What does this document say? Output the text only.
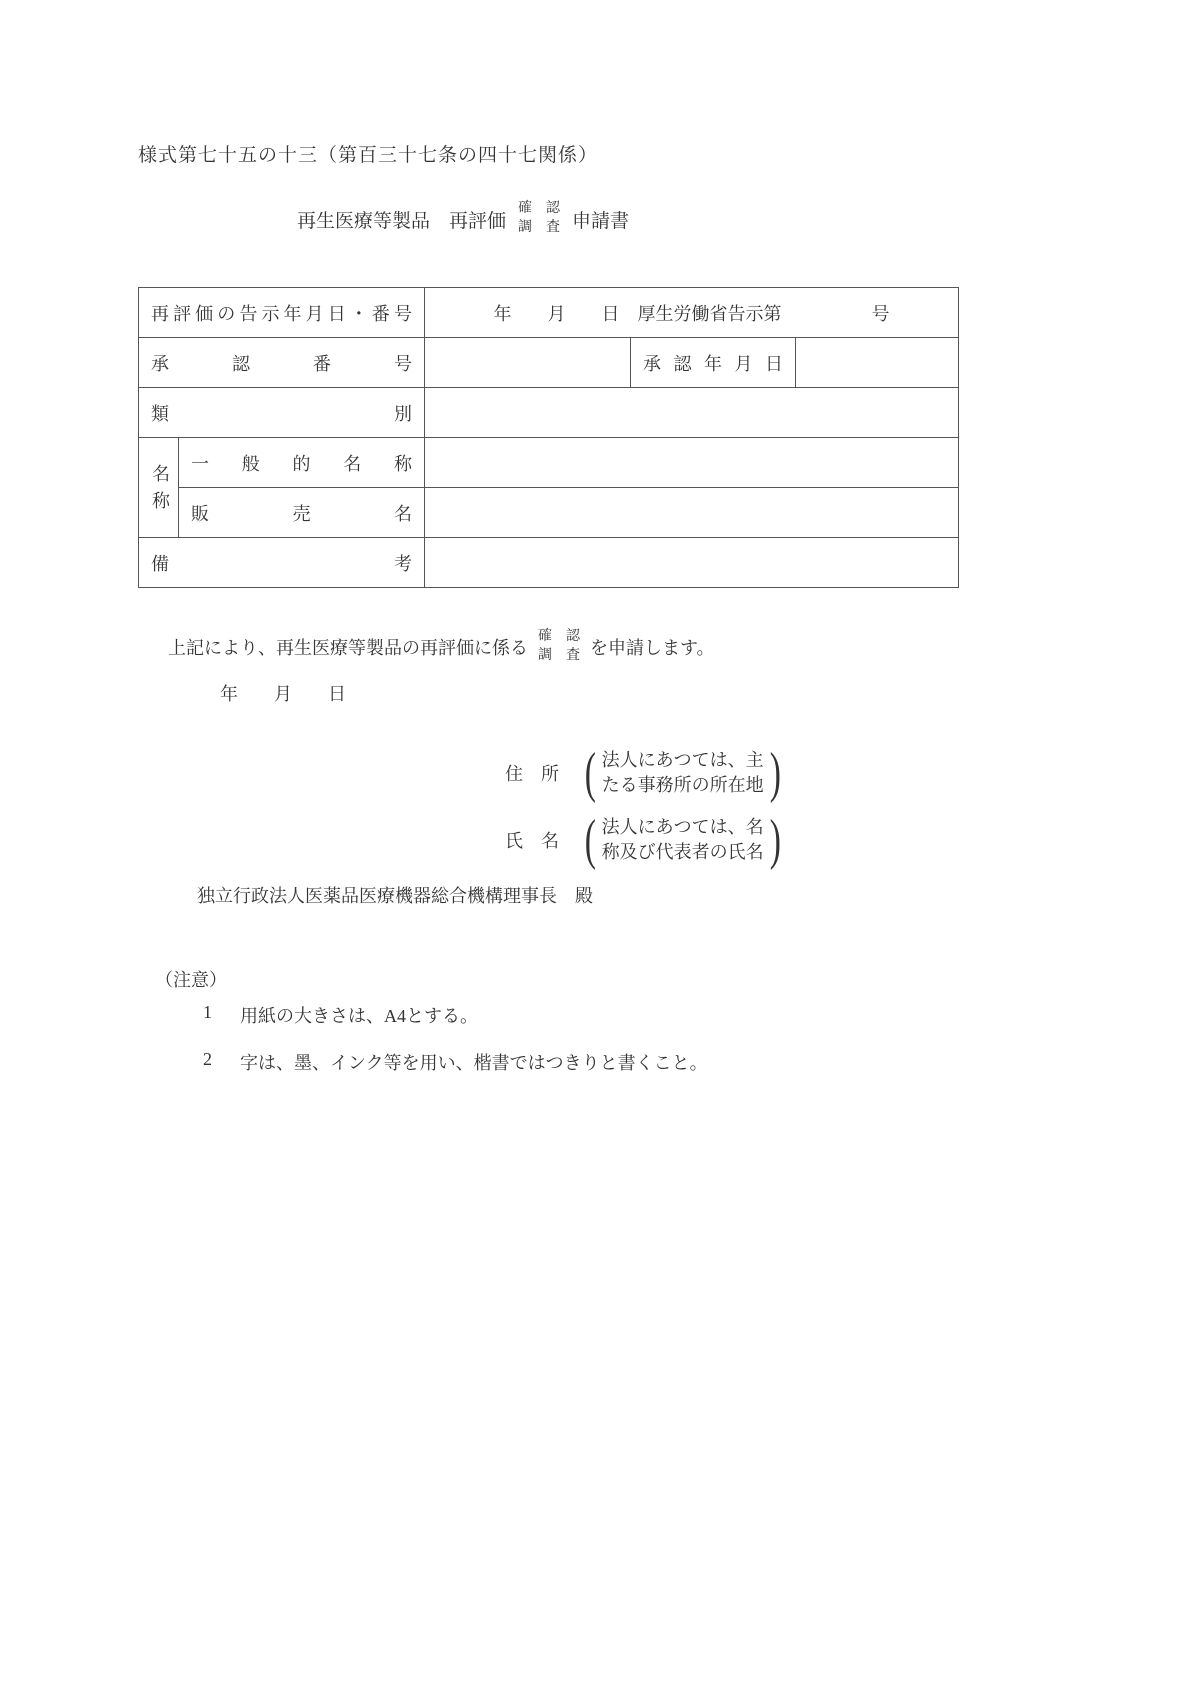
様式第七十五の十三（第百三十七条の四十七関係）
再生医療等製品　再評価
確　認
調　査 申請書
再評価の告示年月日・番号		年　　月　　日　厚生労働省告示第　　　　　号		

承認番号			承 認 年 月 日	

類別				

名称	一般的名称			

	販売名			

備考				

上記により、再生医療等製品の再評価に係る
確　認
調　査 を申請します。
年　　月　　日
住　所 ( 法人にあつては、主
たる事務所の所在地 )
氏　名 ( 法人にあつては、名
称及び代表者の氏名 )
独立行政法人医薬品医療機器総合機構理事長　殿
（注意）
1 用紙の大きさは、A4とする。
2 字は、墨、インク等を用い、楷書ではつきりと書くこと。
